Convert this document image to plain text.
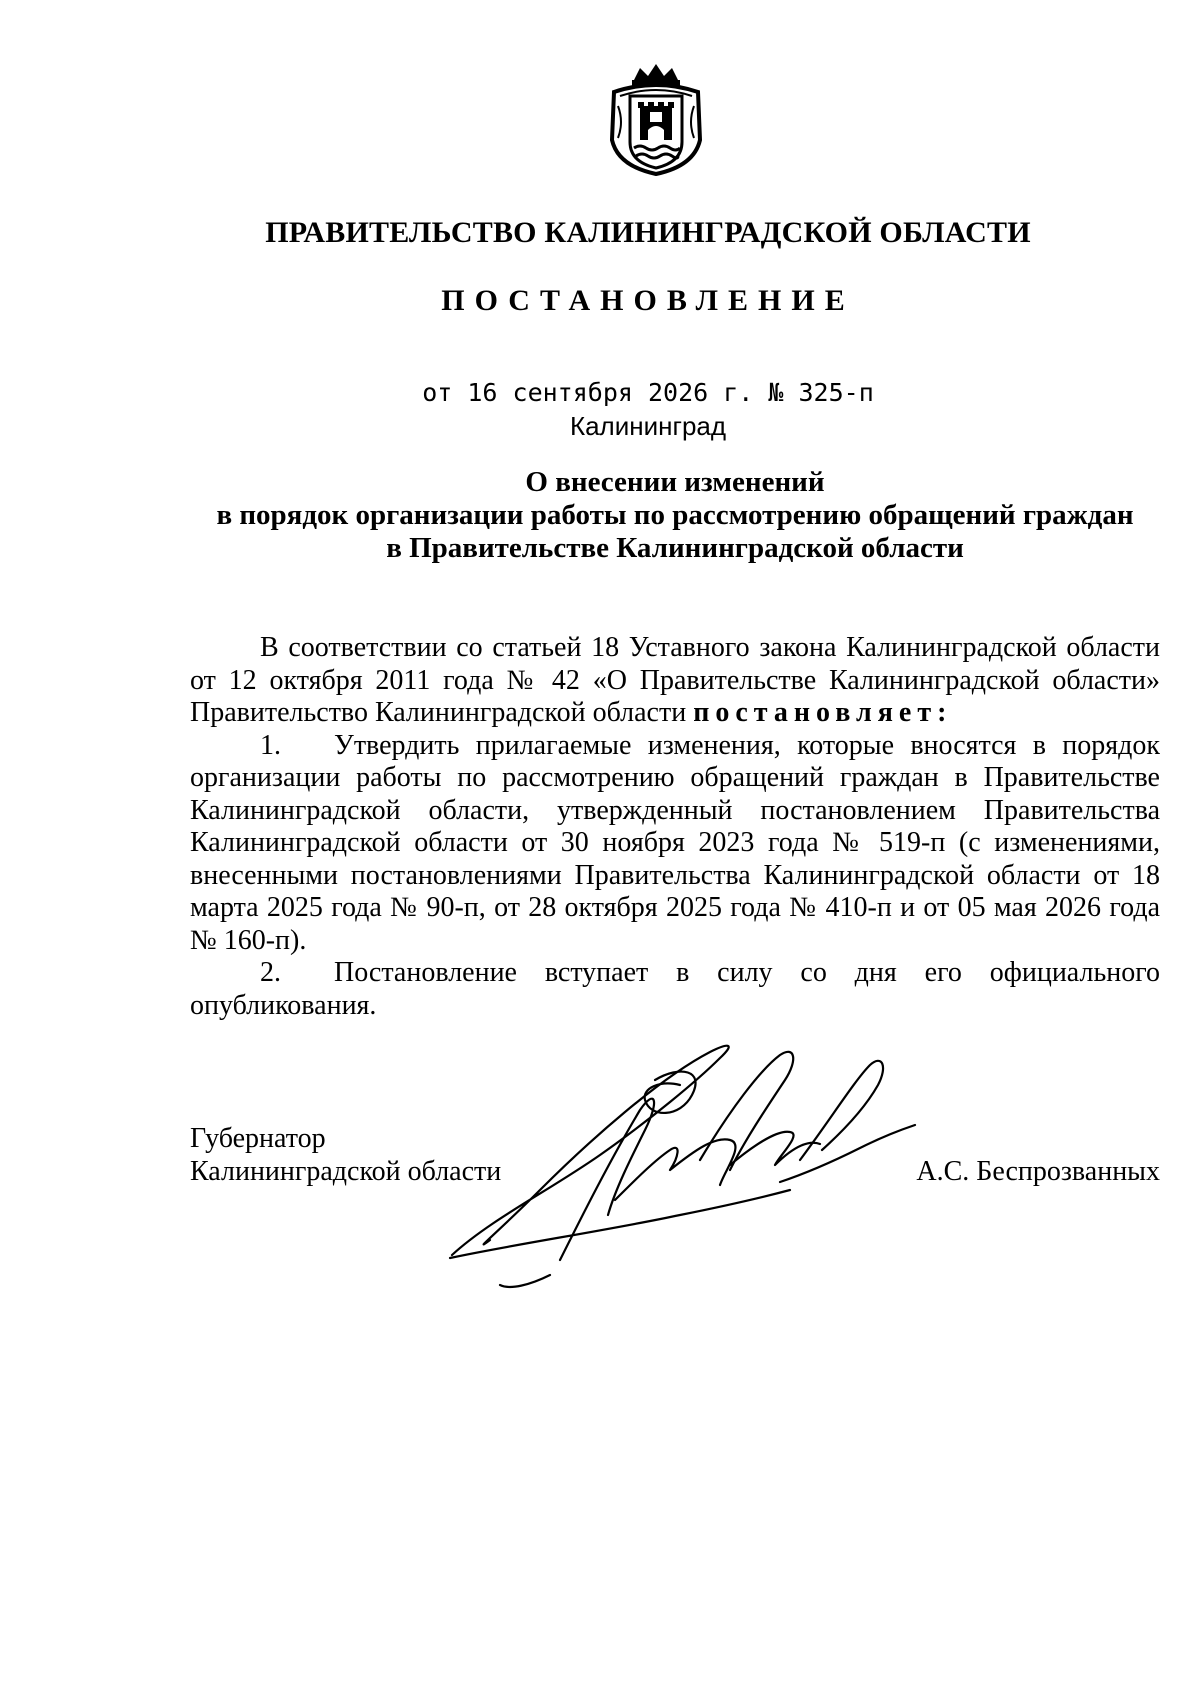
ПРАВИТЕЛЬСТВО КАЛИНИНГРАДСКОЙ ОБЛАСТИ
ПОСТАНОВЛЕНИЕ
от 16 сентября 2026 г. № 325-п
Калининград
О внесении изменений
в порядок организации работы по рассмотрению обращений граждан
в Правительстве Калининградской области

В соответствии со статьей 18 Уставного закона Калининградской области от 12 октября 2011 года № 42 «О Правительстве Калининградской области» Правительство Калининградской области постановляет:

1. Утвердить прилагаемые изменения, которые вносятся в порядок организации работы по рассмотрению обращений граждан в Правительстве Калининградской области, утвержденный постановлением Правительства Калининградской области от 30 ноября 2023 года № 519-п (с изменениями, внесенными постановлениями Правительства Калининградской области от 18 марта 2025 года № 90-п, от 28 октября 2025 года № 410-п и от 05 мая 2026 года № 160-п).

2. Постановление вступает в силу со дня его официального опубликования.

Губернатор
Калининградской области	А.С. Беспрозванных
